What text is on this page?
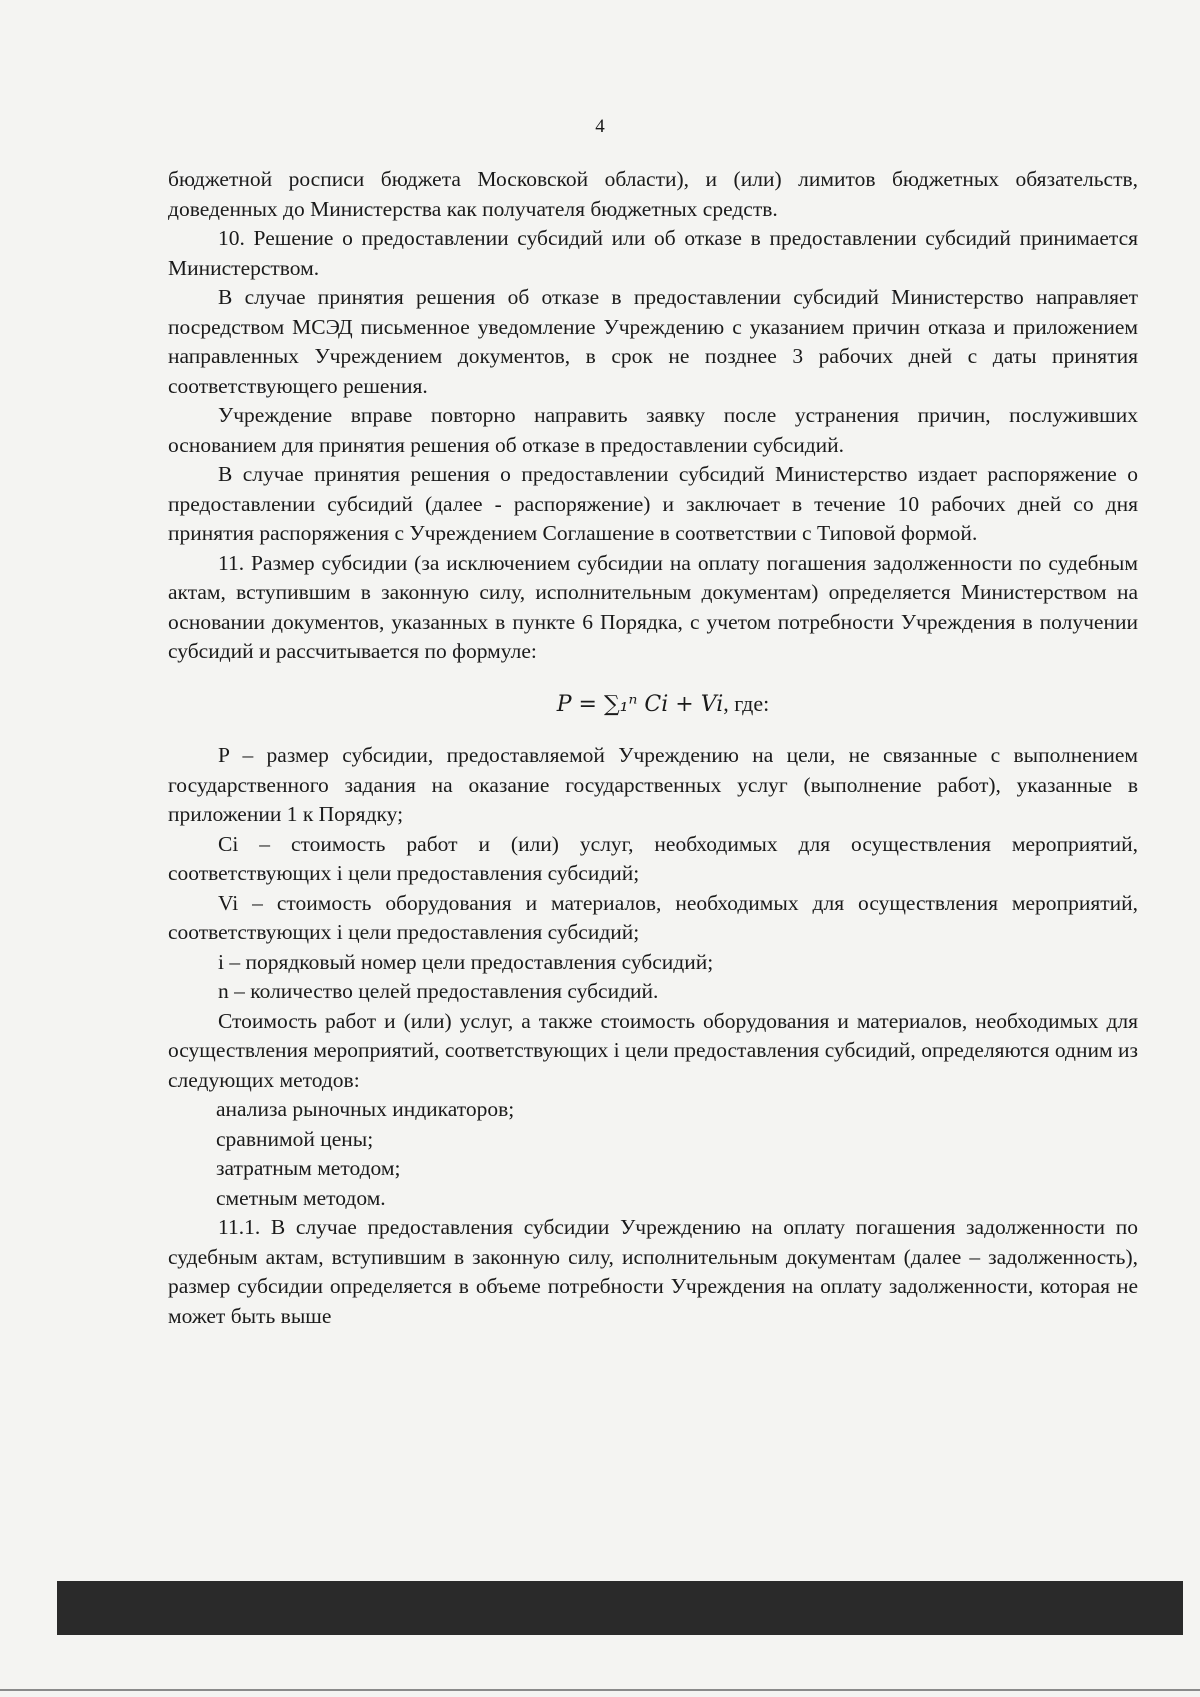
4

бюджетной росписи бюджета Московской области), и (или) лимитов бюджетных обязательств, доведенных до Министерства как получателя бюджетных средств.

10. Решение о предоставлении субсидий или об отказе в предоставлении субсидий принимается Министерством.

В случае принятия решения об отказе в предоставлении субсидий Министерство направляет посредством МСЭД письменное уведомление Учреждению с указанием причин отказа и приложением направленных Учреждением документов, в срок не позднее 3 рабочих дней с даты принятия соответствующего решения.

Учреждение вправе повторно направить заявку после устранения причин, послуживших основанием для принятия решения об отказе в предоставлении субсидий.

В случае принятия решения о предоставлении субсидий Министерство издает распоряжение о предоставлении субсидий (далее - распоряжение) и заключает в течение 10 рабочих дней со дня принятия распоряжения с Учреждением Соглашение в соответствии с Типовой формой.

11. Размер субсидии (за исключением субсидии на оплату погашения задолженности по судебным актам, вступившим в законную силу, исполнительным документам) определяется Министерством на основании документов, указанных в пункте 6 Порядка, с учетом потребности Учреждения в получении субсидий и рассчитывается по формуле:

P = ∑₁ⁿ Ci + Vi, где:

P – размер субсидии, предоставляемой Учреждению на цели, не связанные с выполнением государственного задания на оказание государственных услуг (выполнение работ), указанные в приложении 1 к Порядку;

Ci – стоимость работ и (или) услуг, необходимых для осуществления мероприятий, соответствующих i цели предоставления субсидий;

Vi – стоимость оборудования и материалов, необходимых для осуществления мероприятий, соответствующих i цели предоставления субсидий;

i – порядковый номер цели предоставления субсидий;

n – количество целей предоставления субсидий.

Стоимость работ и (или) услуг, а также стоимость оборудования и материалов, необходимых для осуществления мероприятий, соответствующих i цели предоставления субсидий, определяются одним из следующих методов:

анализа рыночных индикаторов;

сравнимой цены;

затратным методом;

сметным методом.

11.1. В случае предоставления субсидии Учреждению на оплату погашения задолженности по судебным актам, вступившим в законную силу, исполнительным документам (далее – задолженность), размер субсидии определяется в объеме потребности Учреждения на оплату задолженности, которая не может быть выше
